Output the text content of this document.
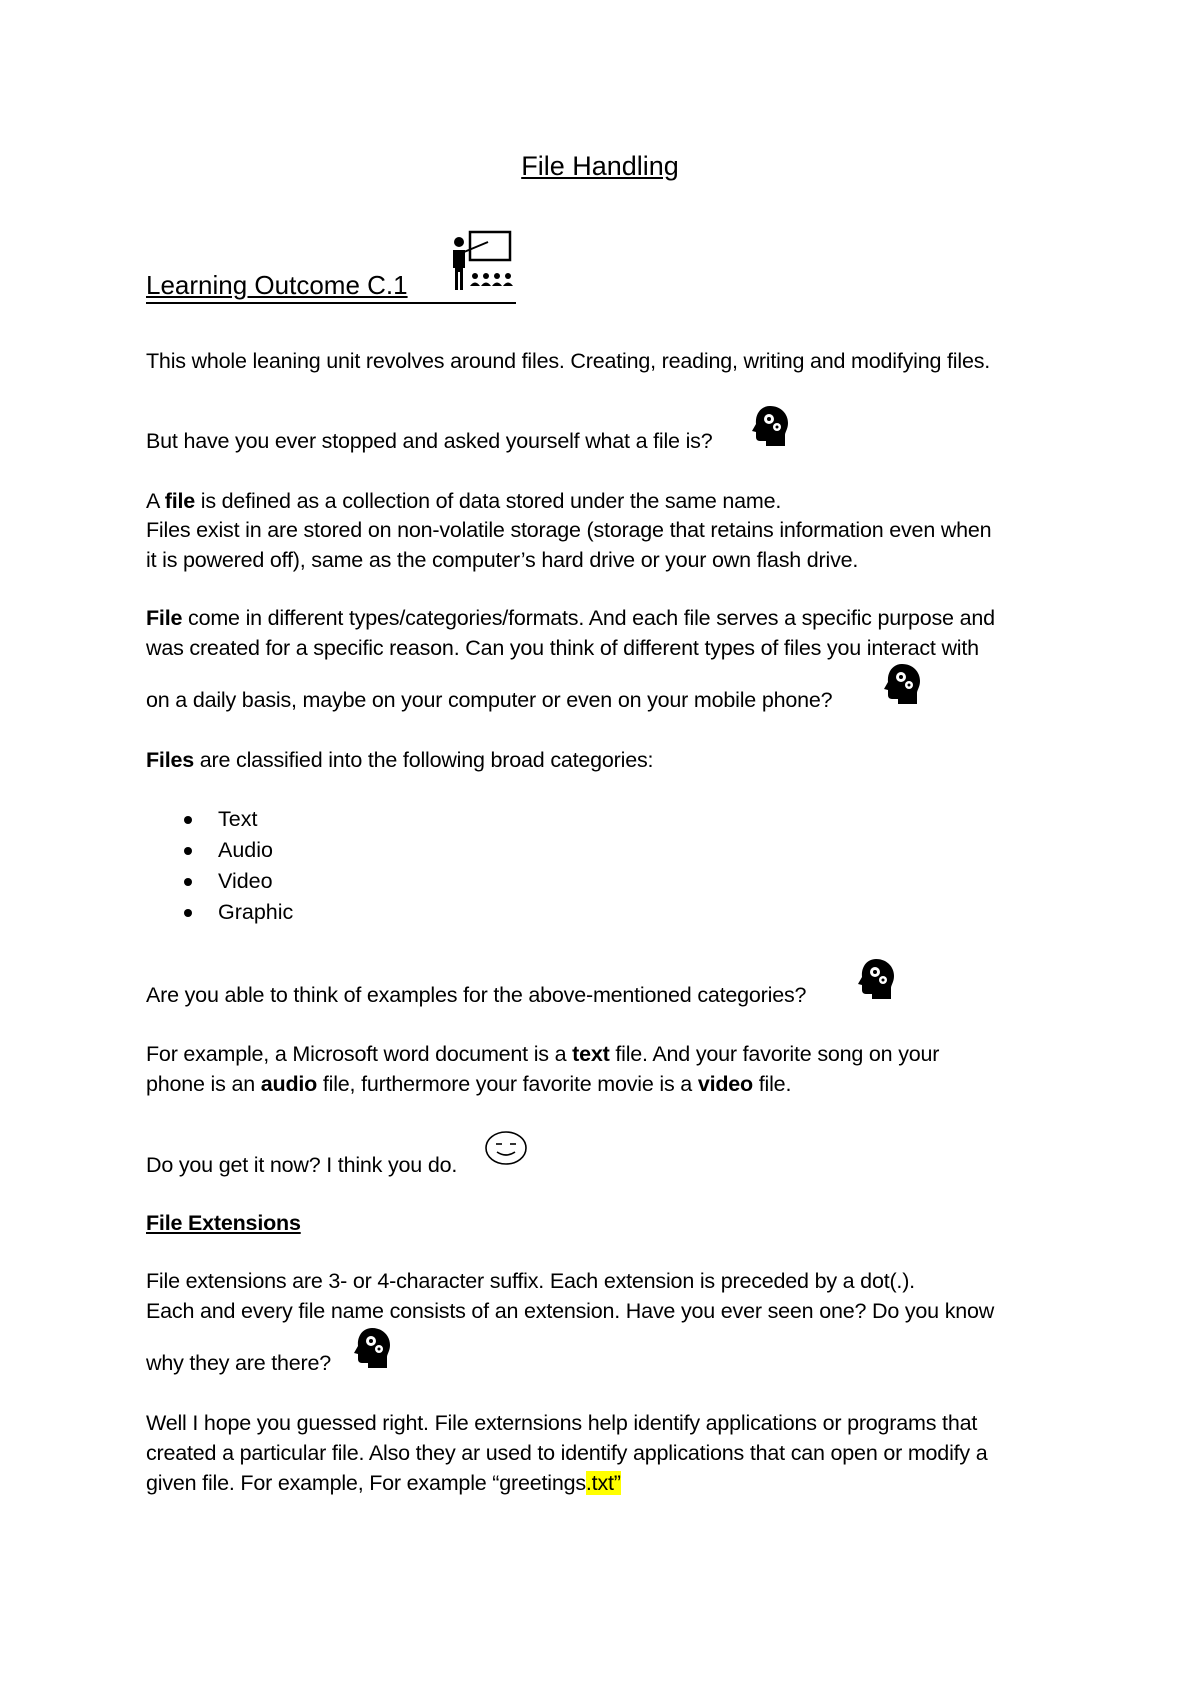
File Handling
Learning Outcome C.1
This whole leaning unit revolves around files. Creating, reading, writing and modifying files.
But have you ever stopped and asked yourself what a file is?
A file is defined as a collection of data stored under the same name.
Files exist in are stored on non-volatile storage (storage that retains information even when
it is powered off), same as the computer’s hard drive or your own flash drive.
File come in different types/categories/formats. And each file serves a specific purpose and
was created for a specific reason. Can you think of different types of files you interact with
on a daily basis, maybe on your computer or even on your mobile phone?
Files are classified into the following broad categories:
Text
Audio
Video
Graphic
Are you able to think of examples for the above-mentioned categories?
For example, a Microsoft word document is a text file. And your favorite song on your
phone is an audio file, furthermore your favorite movie is a video file.
Do you get it now? I think you do.
File Extensions
File extensions are 3- or 4-character suffix. Each extension is preceded by a dot(.).
Each and every file name consists of an extension. Have you ever seen one? Do you know
why they are there?
Well I hope you guessed right. File externsions help identify applications or programs that
created a particular file. Also they ar used to identify applications that can open or modify a
given file. For example, For example “greetings.txt”
